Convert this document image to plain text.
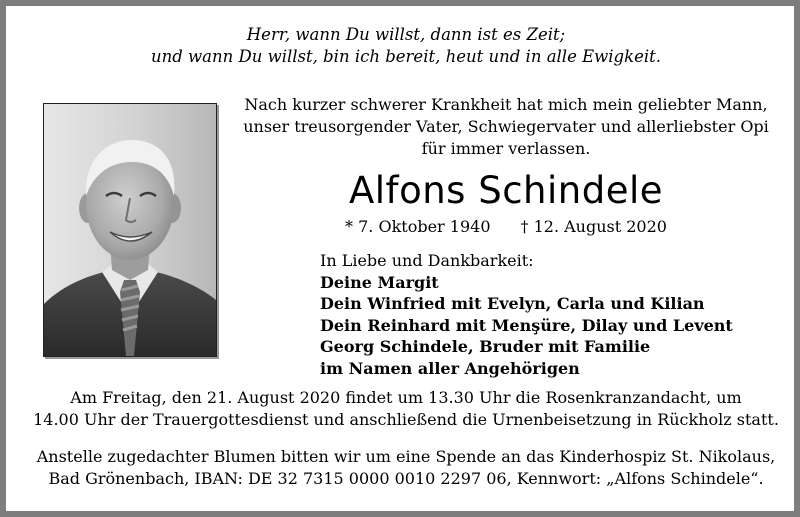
Herr, wann Du willst, dann ist es Zeit;
und wann Du willst, bin ich bereit, heut und in alle Ewigkeit.
Nach kurzer schwerer Krankheit hat mich mein geliebter Mann,
unser treusorgender Vater, Schwiegervater und allerliebster Opi
für immer verlassen.
Alfons Schindele
* 7. Oktober 1940 † 12. August 2020
In Liebe und Dankbarkeit:
Deine Margit
Dein Winfried mit Evelyn, Carla und Kilian
Dein Reinhard mit Menşüre, Dilay und Levent
Georg Schindele, Bruder mit Familie
im Namen aller Angehörigen
Am Freitag, den 21. August 2020 findet um 13.30 Uhr die Rosenkranzandacht, um
14.00 Uhr der Trauergottesdienst und anschließend die Urnenbeisetzung in Rückholz statt.
Anstelle zugedachter Blumen bitten wir um eine Spende an das Kinderhospiz St. Nikolaus,
Bad Grönenbach, IBAN: DE 32 7315 0000 0010 2297 06, Kennwort: „Alfons Schindele“.
